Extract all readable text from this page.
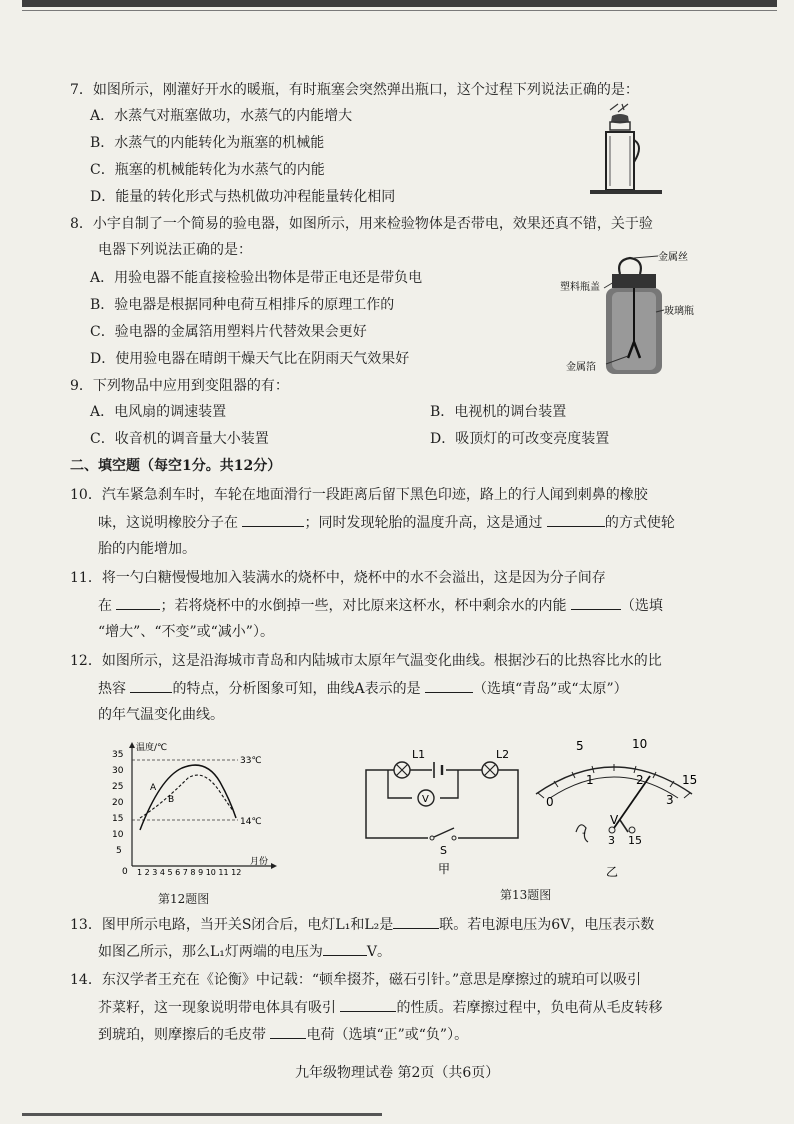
7．如图所示，刚灌好开水的暖瓶，有时瓶塞会突然弹出瓶口，这个过程下列说法正确的是：
A．水蒸气对瓶塞做功，水蒸气的内能增大
B．水蒸气的内能转化为瓶塞的机械能
C．瓶塞的机械能转化为水蒸气的内能
D．能量的转化形式与热机做功冲程能量转化相同
8．小宇自制了一个简易的验电器，如图所示，用来检验物体是否带电，效果还真不错，关于验
电器下列说法正确的是：
A．用验电器不能直接检验出物体是带正电还是带负电
B．验电器是根据同种电荷互相排斥的原理工作的
C．验电器的金属箔用塑料片代替效果会更好
D．使用验电器在晴朗干燥天气比在阴雨天气效果好
金属丝
塑料瓶盖
玻璃瓶
金属箔
9．下列物品中应用到变阻器的有：
A．电风扇的调速装置	B．电视机的调台装置
C．收音机的调音量大小装置	D．吸顶灯的可改变亮度装置
二、填空题（每空1分。共12分）
10．汽车紧急刹车时，车轮在地面滑行一段距离后留下黑色印迹，路上的行人闻到刺鼻的橡胶
味，这说明橡胶分子在	；同时发现轮胎的温度升高，这是通过	的方式使轮
胎的内能增加。
11．将一勺白糖慢慢地加入装满水的烧杯中，烧杯中的水不会溢出，这是因为分子间存
在	；若将烧杯中的水倒掉一些，对比原来这杯水，杯中剩余水的内能	（选填
“增大”、“不变”或“减小”）。
12．如图所示，这是沿海城市青岛和内陆城市太原年气温变化曲线。根据沙石的比热容比水的比
热容	的特点，分析图象可知，曲线A表示的是	（选填“青岛”或“太原”）
的年气温变化曲线。
温度/℃
月份
35
30
25
20
15
10
5
0 1 2 3 4 5 6 7 8 9 10 11 12
33℃
14℃
A
B
第12题图
L1	L2
V
S
甲
5	10
15
0
1	2
3
V
-
3 15
乙
第13题图
13．图甲所示电路，当开关S闭合后，电灯L₁和L₂是	联。若电源电压为6V，电压表示数
如图乙所示，那么L₁灯两端的电压为	V。
14．东汉学者王充在《论衡》中记载：“顿牟掇芥，磁石引针。”意思是摩擦过的琥珀可以吸引
芥菜籽，这一现象说明带电体具有吸引	的性质。若摩擦过程中，负电荷从毛皮转移
到琥珀，则摩擦后的毛皮带	电荷（选填“正”或“负”）。
九年级物理试卷 第2页（共6页）
